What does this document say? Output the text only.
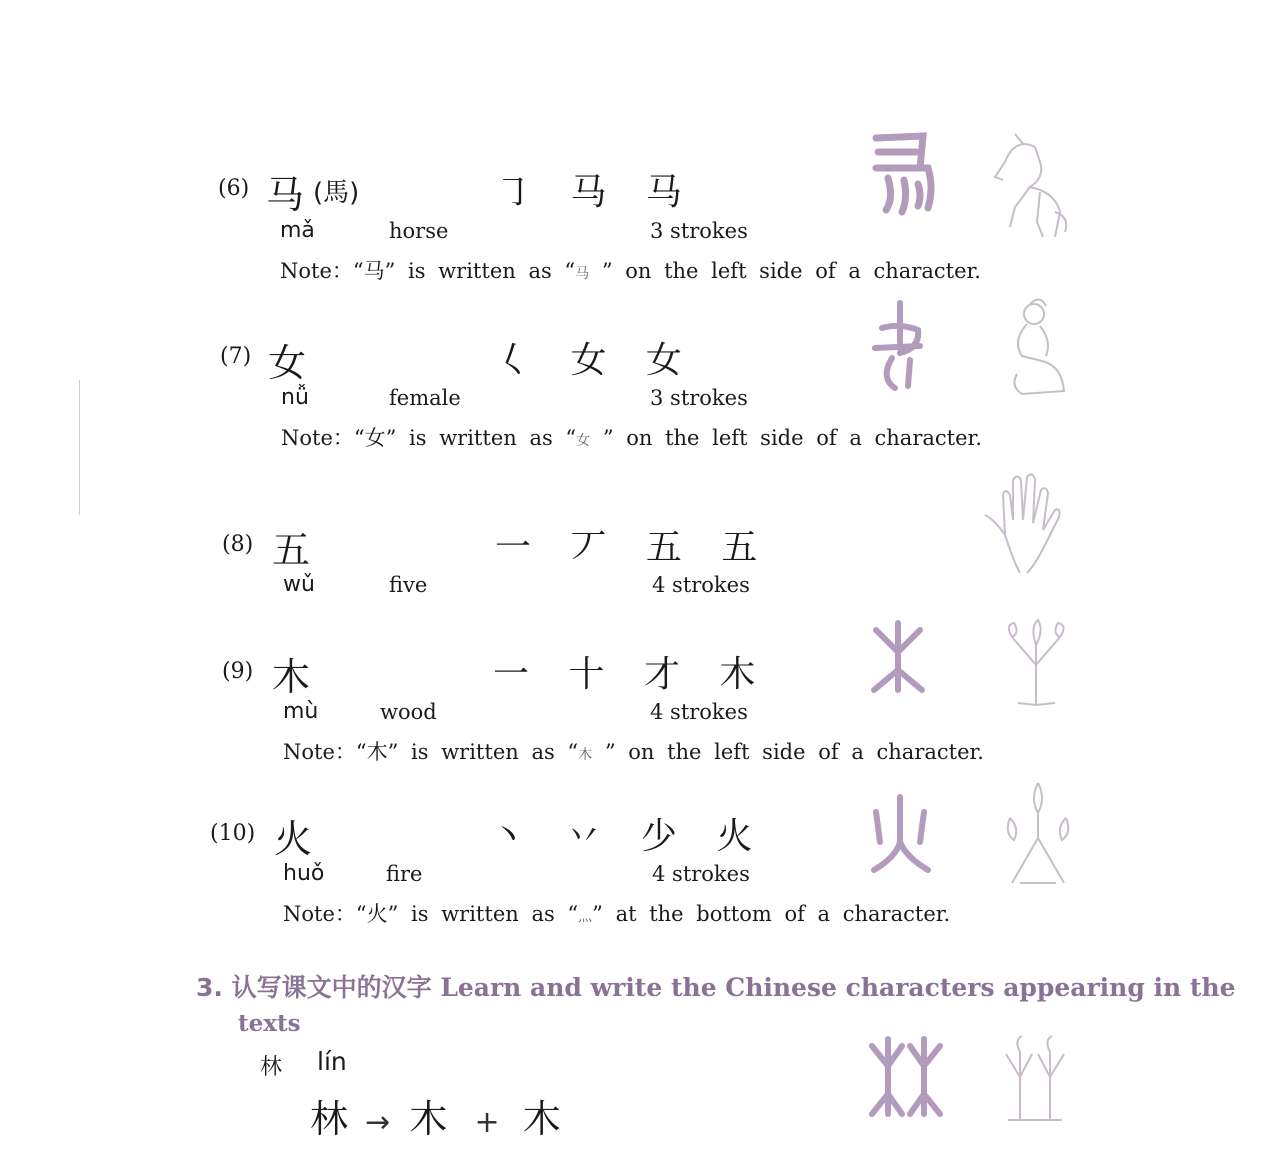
(6) 马 (馬)	㇆ 马 马
mǎ	horse	3 strokes
Note：“马” is written as “马 ” on the left side of a character.
(7) 女	𡿨 女 女
nǚ	female	3 strokes
Note：“女” is written as “女 ” on the left side of a character.
(8) 五	一 丆 五 五
wǔ	five	4 strokes
(9) 木	一 十 才 木
mù	wood	4 strokes
Note：“木” is written as “木 ” on the left side of a character.
(10) 火	丶 丷 少 火
huǒ	fire	4 strokes
Note：“火” is written as “灬” at the bottom of a character.
3. 认写课文中的汉字 Learn and write the Chinese characters appearing in the
texts
林 lín
林 → 木 + 木
